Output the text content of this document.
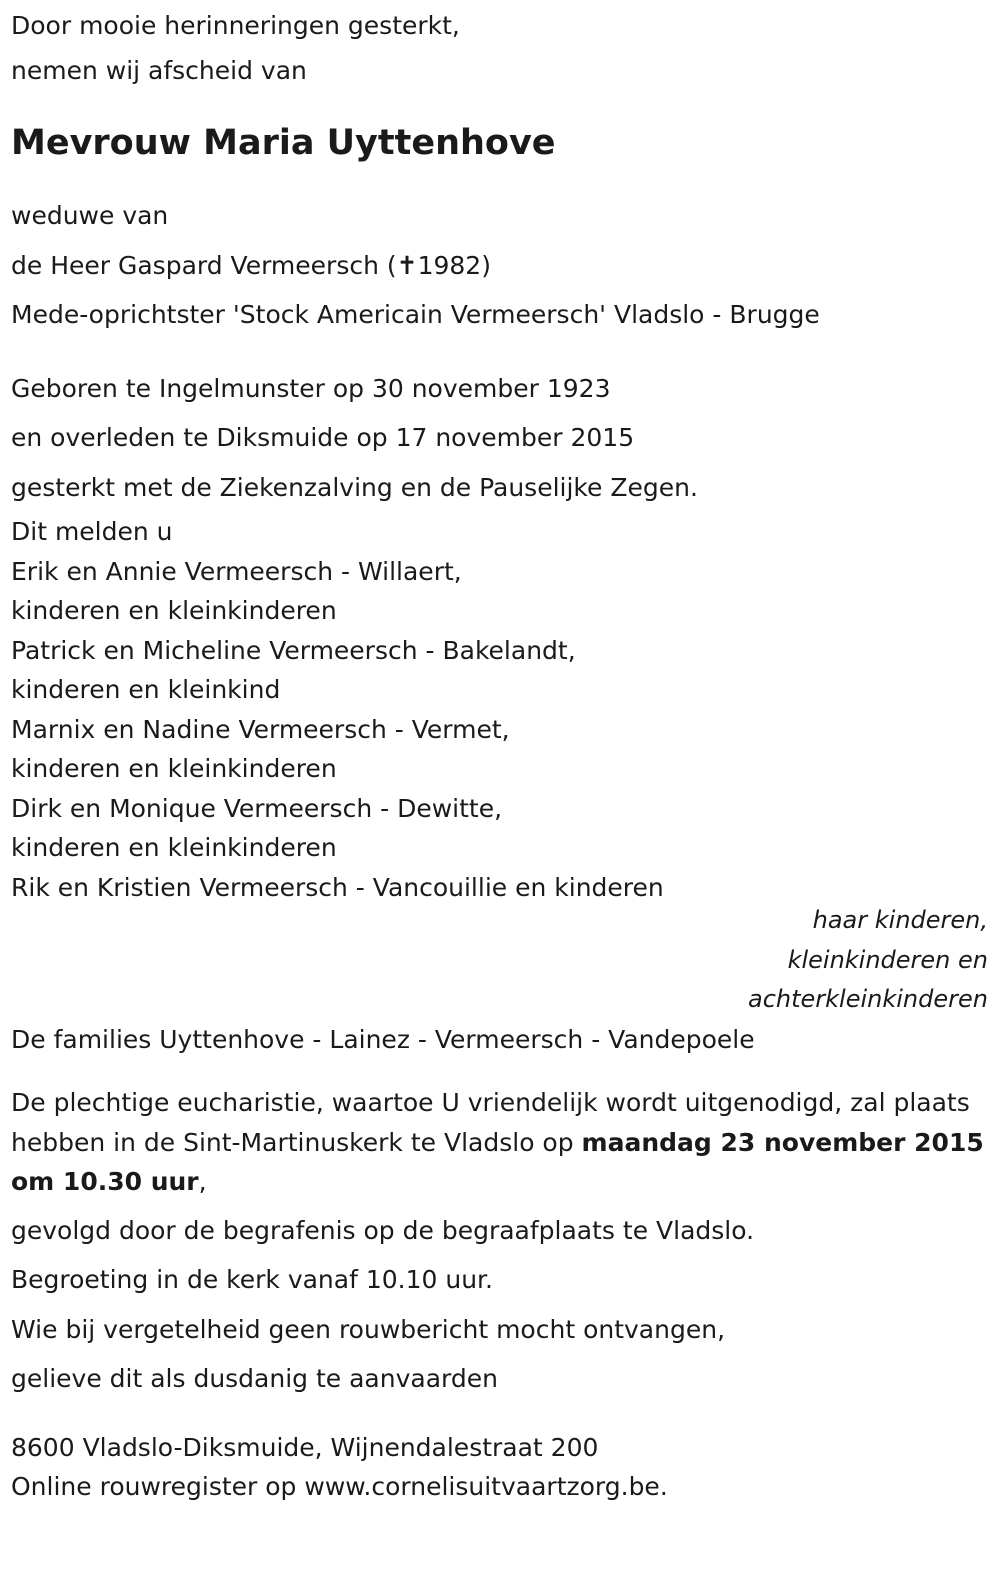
Door mooie herinneringen gesterkt,
nemen wij afscheid van
Mevrouw Maria Uyttenhove
weduwe van
de Heer Gaspard Vermeersch (✝1982)
Mede-oprichtster 'Stock Americain Vermeersch' Vladslo - Brugge
Geboren te Ingelmunster op 30 november 1923
en overleden te Diksmuide op 17 november 2015
gesterkt met de Ziekenzalving en de Pauselijke Zegen.
Dit melden u
Erik en Annie Vermeersch - Willaert,
kinderen en kleinkinderen
Patrick en Micheline Vermeersch - Bakelandt,
kinderen en kleinkind
Marnix en Nadine Vermeersch - Vermet,
kinderen en kleinkinderen
Dirk en Monique Vermeersch - Dewitte,
kinderen en kleinkinderen
Rik en Kristien Vermeersch - Vancouillie en kinderen
haar kinderen,
kleinkinderen en
achterkleinkinderen
De families Uyttenhove - Lainez - Vermeersch - Vandepoele
De plechtige eucharistie, waartoe U vriendelijk wordt uitgenodigd, zal plaats hebben in de Sint-Martinuskerk te Vladslo op maandag 23 november 2015 om 10.30 uur,
gevolgd door de begrafenis op de begraafplaats te Vladslo.
Begroeting in de kerk vanaf 10.10 uur.
Wie bij vergetelheid geen rouwbericht mocht ontvangen,
gelieve dit als dusdanig te aanvaarden
8600 Vladslo-Diksmuide, Wijnendalestraat 200
Online rouwregister op www.cornelisuitvaartzorg.be.
